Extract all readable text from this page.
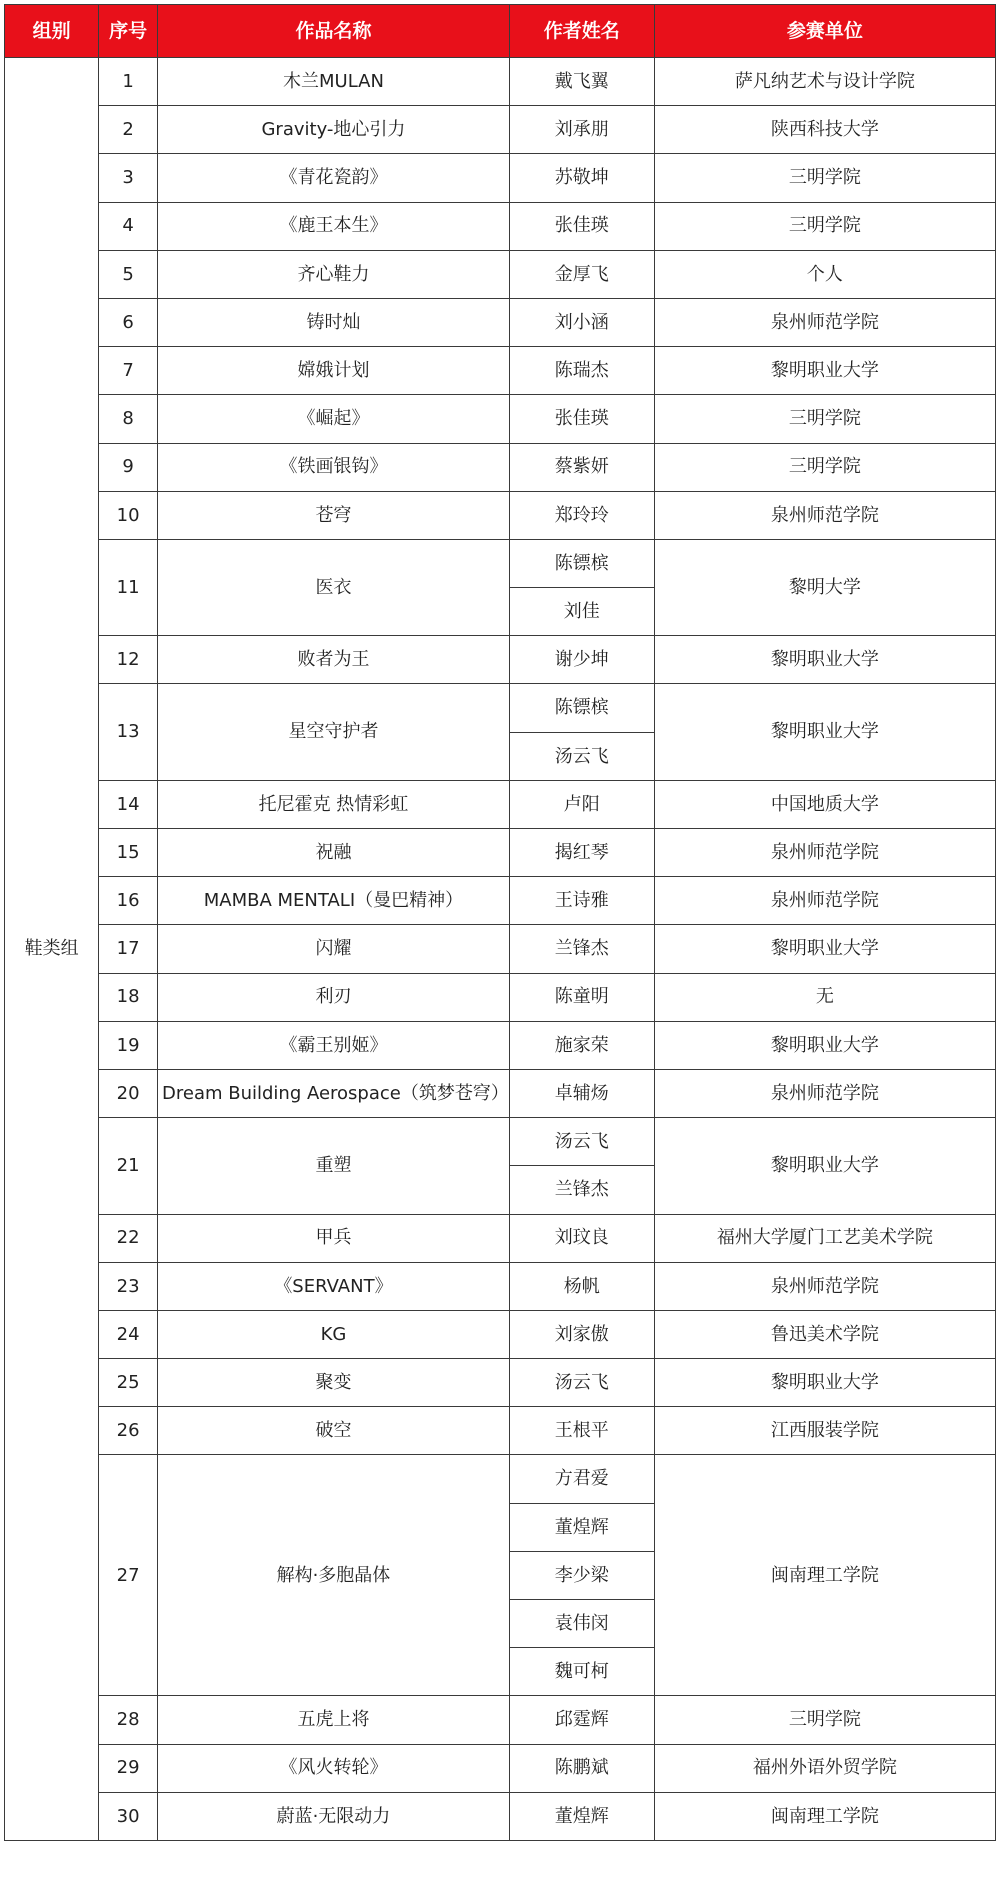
组别	序号	作品名称	作者姓名	参赛单位
鞋类组	1	木兰MULAN	戴飞翼	萨凡纳艺术与设计学院
	2	Gravity-地心引力	刘承朋	陕西科技大学
	3	《青花瓷韵》	苏敬坤	三明学院
	4	《鹿王本生》	张佳瑛	三明学院
	5	齐心鞋力	金厚飞	个人
	6	铸时灿	刘小涵	泉州师范学院
	7	嫦娥计划	陈瑞杰	黎明职业大学
	8	《崛起》	张佳瑛	三明学院
	9	《铁画银钩》	蔡紫妍	三明学院
	10	苍穹	郑玲玲	泉州师范学院
	11	医衣	陈镖槟	黎明大学
			刘佳	
	12	败者为王	谢少坤	黎明职业大学
	13	星空守护者	陈镖槟	黎明职业大学
			汤云飞	
	14	托尼霍克 热情彩虹	卢阳	中国地质大学
	15	祝融	揭红琴	泉州师范学院
	16	MAMBA MENTALI（曼巴精神）	王诗雅	泉州师范学院
	17	闪耀	兰锋杰	黎明职业大学
	18	利刃	陈童明	无
	19	《霸王别姬》	施家荣	黎明职业大学
	20	Dream Building Aerospace（筑梦苍穹）	卓辅炀	泉州师范学院
	21	重塑	汤云飞	黎明职业大学
			兰锋杰	
	22	甲兵	刘玟良	福州大学厦门工艺美术学院
	23	《SERVANT》	杨帆	泉州师范学院
	24	KG	刘家傲	鲁迅美术学院
	25	聚变	汤云飞	黎明职业大学
	26	破空	王根平	江西服装学院
	27	解构·多胞晶体	方君爱	闽南理工学院
			董煌辉	
			李少梁	
			袁伟闵	
			魏可柯	
	28	五虎上将	邱霆辉	三明学院
	29	《风火转轮》	陈鹏斌	福州外语外贸学院
	30	蔚蓝·无限动力	董煌辉	闽南理工学院
